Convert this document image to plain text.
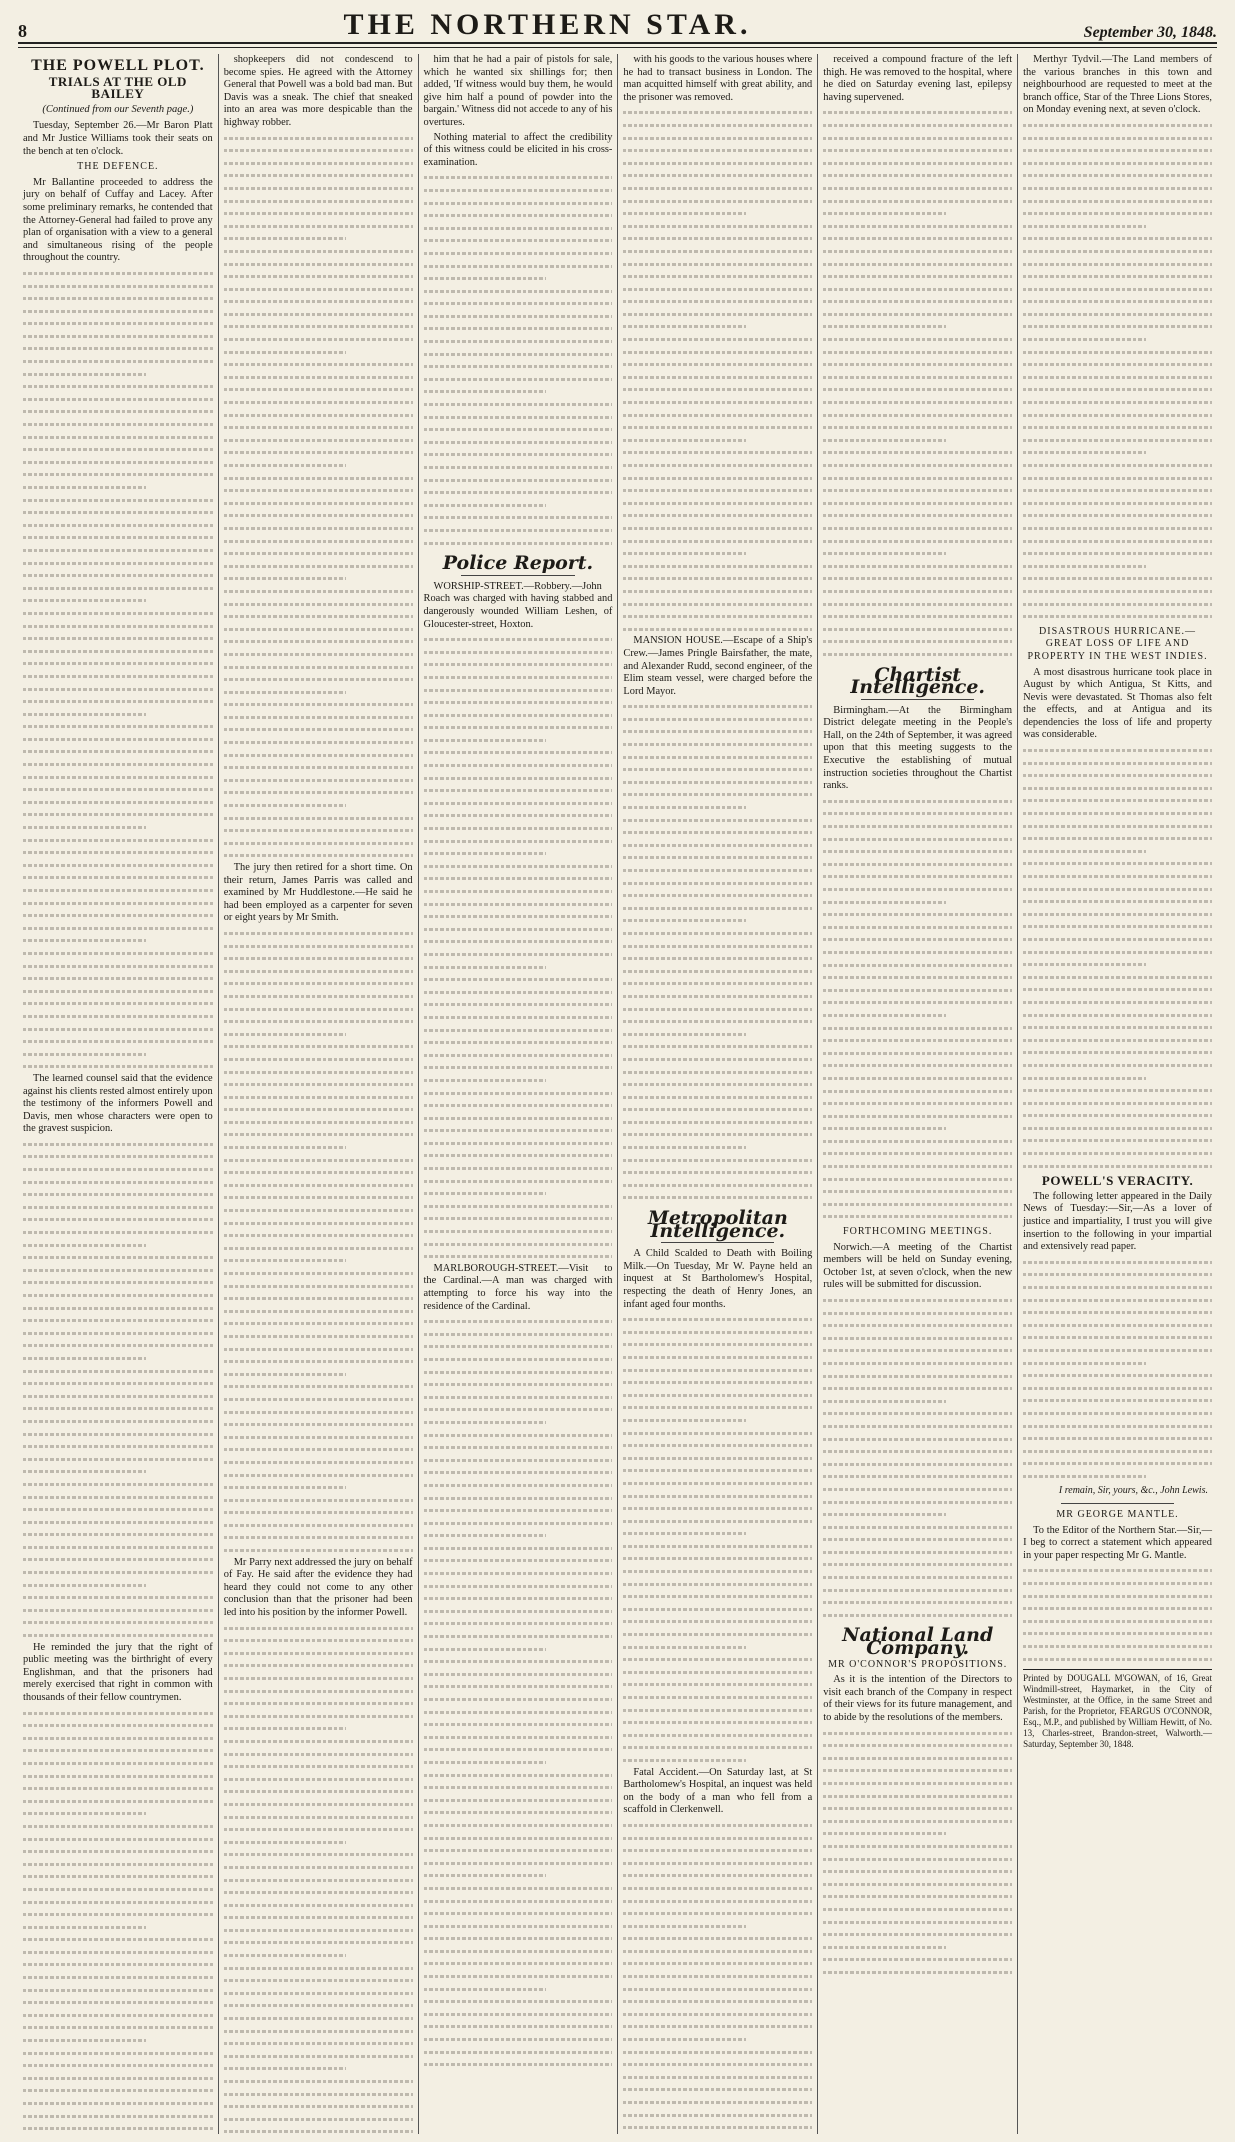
8	THE NORTHERN STAR.	September 30, 1848.
THE POWELL PLOT.
TRIALS AT THE OLD BAILEY
(Continued from our Seventh page.)

Tuesday, September 26.—Mr Baron Platt and Mr Justice Williams took their seats on the bench at ten o'clock.

THE DEFENCE.

Mr Ballantine proceeded to address the jury on behalf of Cuffay and Lacey. After some preliminary remarks, he contended that the Attorney-General had failed to prove any plan of organisation with a view to a general and simultaneous rising of the people throughout the country.

The learned counsel said that the evidence against his clients rested almost entirely upon the testimony of the informers Powell and Davis, men whose characters were open to the gravest suspicion.

He reminded the jury that the right of public meeting was the birthright of every Englishman, and that the prisoners had merely exercised that right in common with thousands of their fellow countrymen.

shopkeepers did not condescend to become spies. He agreed with the Attorney General that Powell was a bold bad man. But Davis was a sneak. The chief that sneaked into an area was more despicable than the highway robber.

The jury then retired for a short time. On their return, James Parris was called and examined by Mr Huddlestone.—He said he had been employed as a carpenter for seven or eight years by Mr Smith.

Mr Parry next addressed the jury on behalf of Fay. He said after the evidence they had heard they could not come to any other conclusion than that the prisoner had been led into his position by the informer Powell.

him that he had a pair of pistols for sale, which he wanted six shillings for; then added, 'If witness would buy them, he would give him half a pound of powder into the bargain.' Witness did not accede to any of his overtures.

Nothing material to affect the credibility of this witness could be elicited in his cross-examination.

Police Report.

WORSHIP-STREET.—Robbery.—John Roach was charged with having stabbed and dangerously wounded William Leshen, of Gloucester-street, Hoxton.

MARLBOROUGH-STREET.—Visit to the Cardinal.—A man was charged with attempting to force his way into the residence of the Cardinal.

with his goods to the various houses where he had to transact business in London. The man acquitted himself with great ability, and the prisoner was removed.

MANSION HOUSE.—Escape of a Ship's Crew.—James Pringle Bairsfather, the mate, and Alexander Rudd, second engineer, of the Elim steam vessel, were charged before the Lord Mayor.

Metropolitan Intelligence.

A Child Scalded to Death with Boiling Milk.—On Tuesday, Mr W. Payne held an inquest at St Bartholomew's Hospital, respecting the death of Henry Jones, an infant aged four months.

Fatal Accident.—On Saturday last, at St Bartholomew's Hospital, an inquest was held on the body of a man who fell from a scaffold in Clerkenwell.

received a compound fracture of the left thigh. He was removed to the hospital, where he died on Saturday evening last, epilepsy having supervened.

Chartist Intelligence.

Birmingham.—At the Birmingham District delegate meeting in the People's Hall, on the 24th of September, it was agreed upon that this meeting suggests to the Executive the establishing of mutual instruction societies throughout the Chartist ranks.

FORTHCOMING MEETINGS.

Norwich.—A meeting of the Chartist members will be held on Sunday evening, October 1st, at seven o'clock, when the new rules will be submitted for discussion.

National Land Company.
MR O'CONNOR'S PROPOSITIONS.

As it is the intention of the Directors to visit each branch of the Company in respect of their views for its future management, and to abide by the resolutions of the members.

Merthyr Tydvil.—The Land members of the various branches in this town and neighbourhood are requested to meet at the branch office, Star of the Three Lions Stores, on Monday evening next, at seven o'clock.

DISASTROUS HURRICANE.—GREAT LOSS OF LIFE AND PROPERTY IN THE WEST INDIES.

A most disastrous hurricane took place in August by which Antigua, St Kitts, and Nevis were devastated. St Thomas also felt the effects, and at Antigua and its dependencies the loss of life and property was considerable.

POWELL'S VERACITY.

The following letter appeared in the Daily News of Tuesday:—Sir,—As a lover of justice and impartiality, I trust you will give insertion to the following in your impartial and extensively read paper.

I remain, Sir, yours, &c., John Lewis.
MR GEORGE MANTLE.

To the Editor of the Northern Star.—Sir,—I beg to correct a statement which appeared in your paper respecting Mr G. Mantle.

Printed by DOUGALL M'GOWAN, of 16, Great Windmill-street, Haymarket, in the City of Westminster, at the Office, in the same Street and Parish, for the Proprietor, FEARGUS O'CONNOR, Esq., M.P., and published by William Hewitt, of No. 13, Charles-street, Brandon-street, Walworth.—Saturday, September 30, 1848.
